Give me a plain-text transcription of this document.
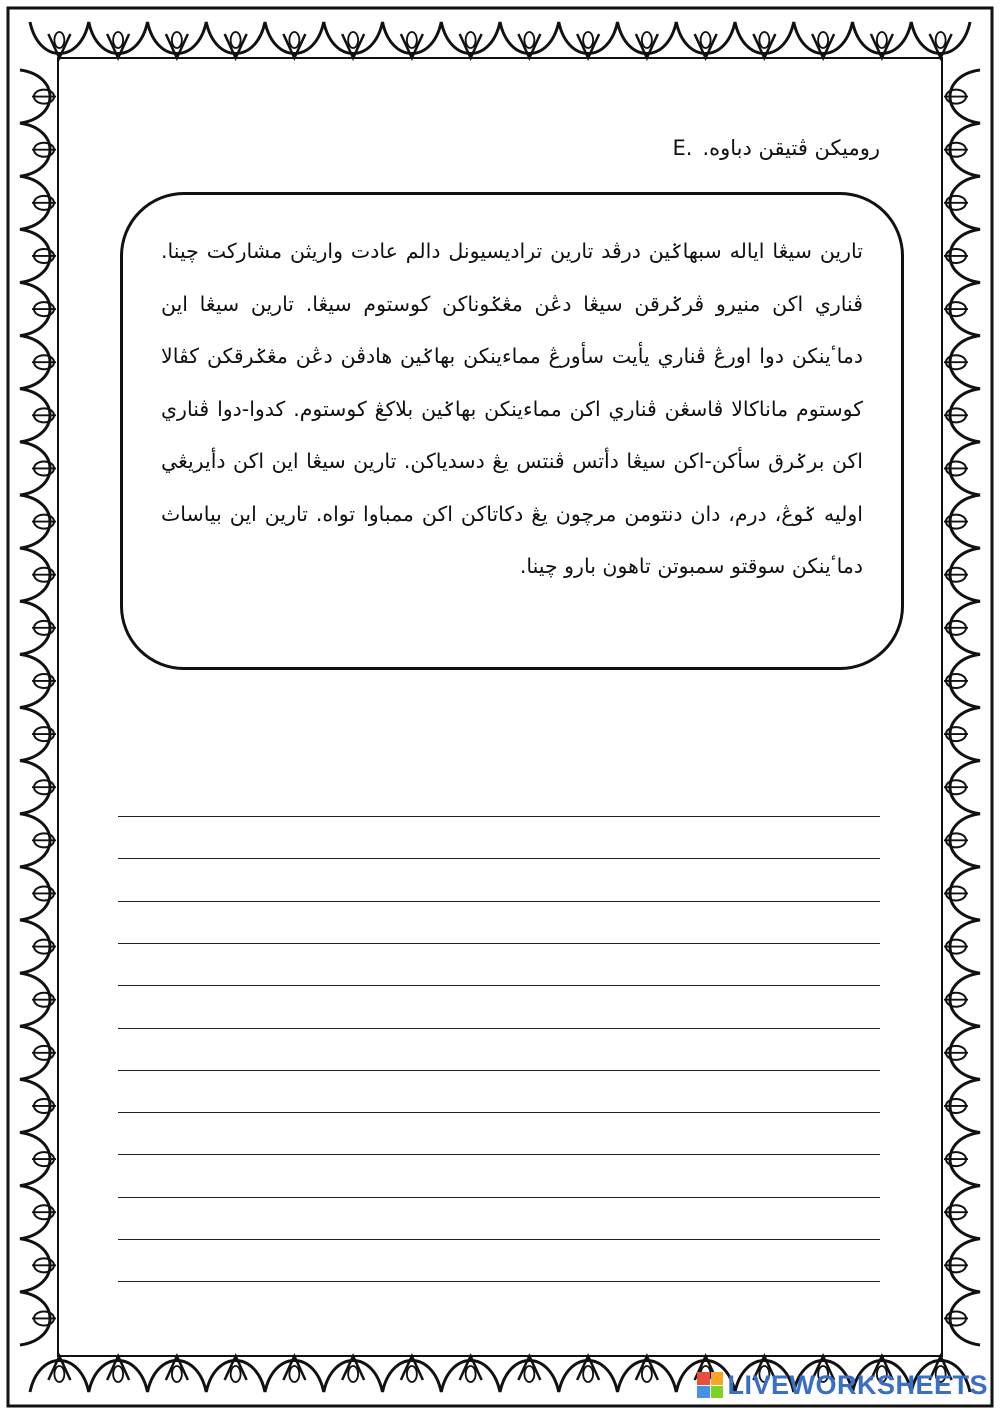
E. روميكن ڤتيقن دباوه.

تارين سيڠا اياله سبهاݢين درڤد تارين تراديسيونل دالم عادت واريثن مشاركت چينا. ڤناري اكن منيرو ڤرݢرقن سيڠا دڠن مڠݢوناكن كوستوم سيڠا. تارين سيڠا اين دماٴينكن دوا اورڠ ڤناري يأيت سأورڠ مماءينكن بهاݢين هادڤن دڠن مڠݢرقكن كڤالا كوستوم ماناكالا ڤاسڠن ڤناري اكن مماءينكن بهاݢين بلاكڠ كوستوم. كدوا-دوا ڤناري اكن برݢرق سأكن-اكن سيڠا دأتس ڤنتس يڠ دسدياكن. تارين سيڠا اين اكن دأيريڠي اوليه ݢوڠ، درم، دان دنتومن مرچون يڠ دكاتاكن اكن ممباوا تواه. تارين اين بياساث دماٴينكن سوقتو سمبوتن تاهون بارو چينا.

LIVEWORKSHEETS
